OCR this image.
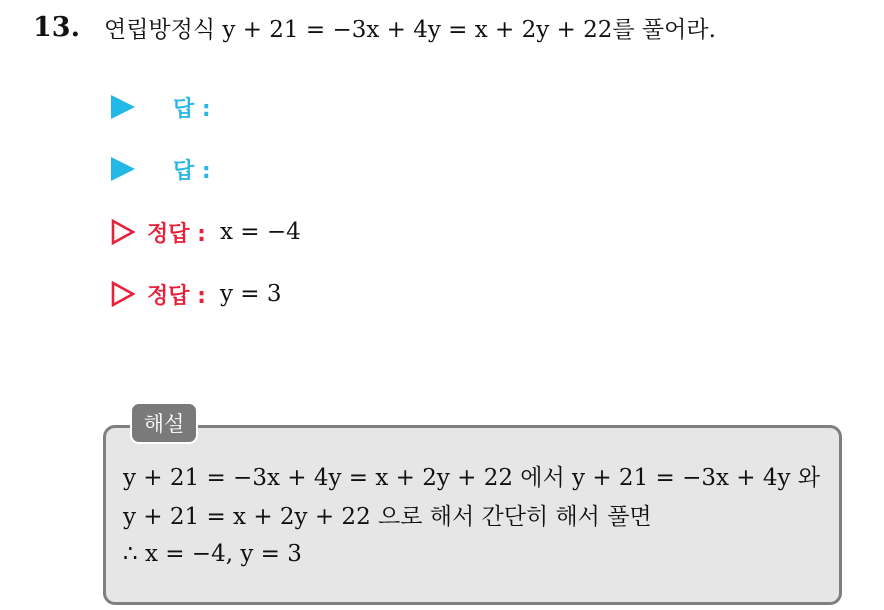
13. 연립방정식 y + 21 = −3x + 4y = x + 2y + 22를 풀어라.
답 :
답 :
정답 : x = −4
정답 : y = 3
해설
y + 21 = −3x + 4y = x + 2y + 22 에서 y + 21 = −3x + 4y 와
y + 21 = x + 2y + 22 으로 해서 간단히 해서 풀면
∴ x = −4, y = 3
